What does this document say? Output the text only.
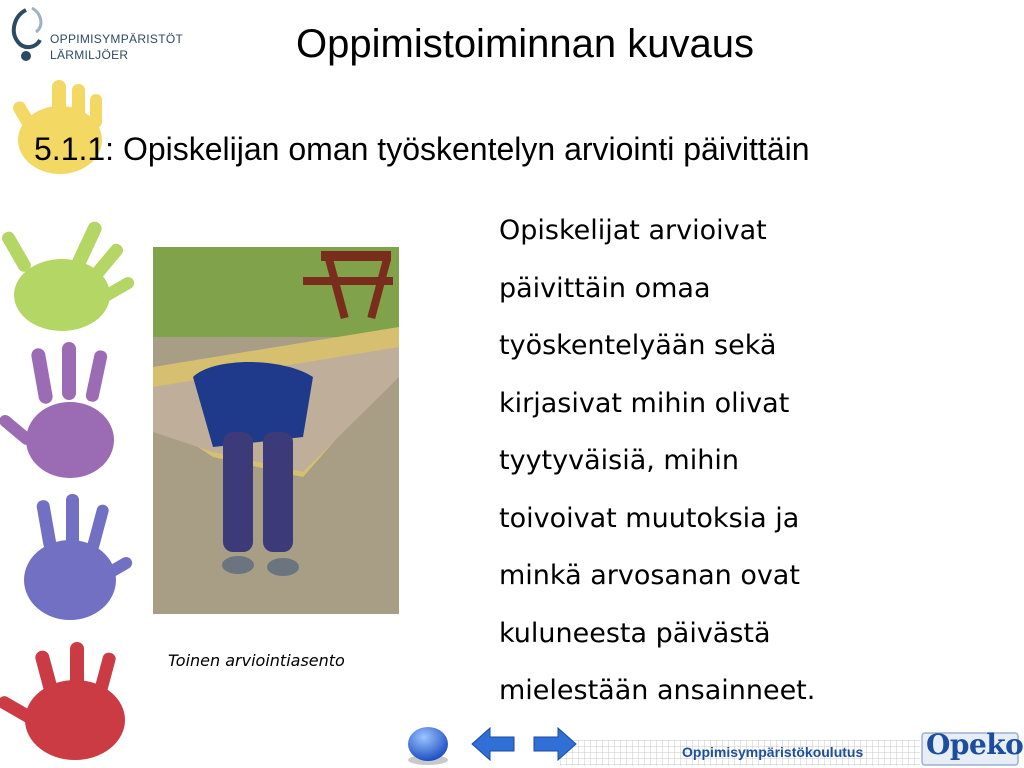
OPPIMISYMPÄRISTÖT
LÄRMILJÖER	Oppimistoiminnan kuvaus
5.1.1: Opiskelijan oman työskentelyn arviointi päivittäin
Toinen arviointiasento
Opiskelijat arvioivat
päivittäin omaa
työskentelyään sekä
kirjasivat mihin olivat
tyytyväisiä, mihin
toivoivat muutoksia ja
minkä arvosanan ovat
kuluneesta päivästä
mielestään ansainneet.
Oppimisympäristökoulutus Opeko
